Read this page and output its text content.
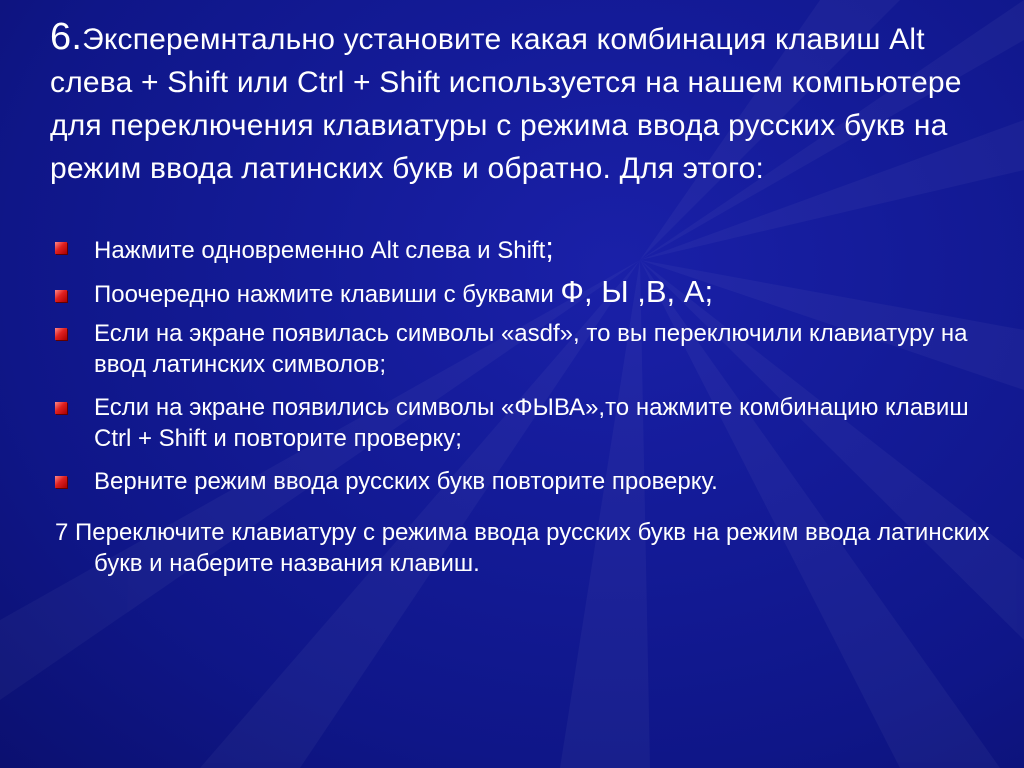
6.Эксперемнтально установите какая комбинация клавиш Alt слева + Shift или Ctrl + Shift используется на нашем компьютере для переключения клавиатуры с режима ввода русских букв на режим ввода латинских букв и обратно. Для этого:
Нажмите одновременно Alt слева и Shift;
Поочередно нажмите клавиши с буквами Ф, Ы ,В, А;
Если на экране появилась символы «asdf», то вы переключили клавиатуру на ввод латинских символов;
Если на экране появились символы «ФЫВА»,то нажмите комбинацию клавиш Ctrl + Shift и повторите проверку;
Верните режим ввода русских букв повторите проверку.
7 Переключите клавиатуру с режима ввода русских букв на режим ввода латинских букв и наберите названия клавиш.
